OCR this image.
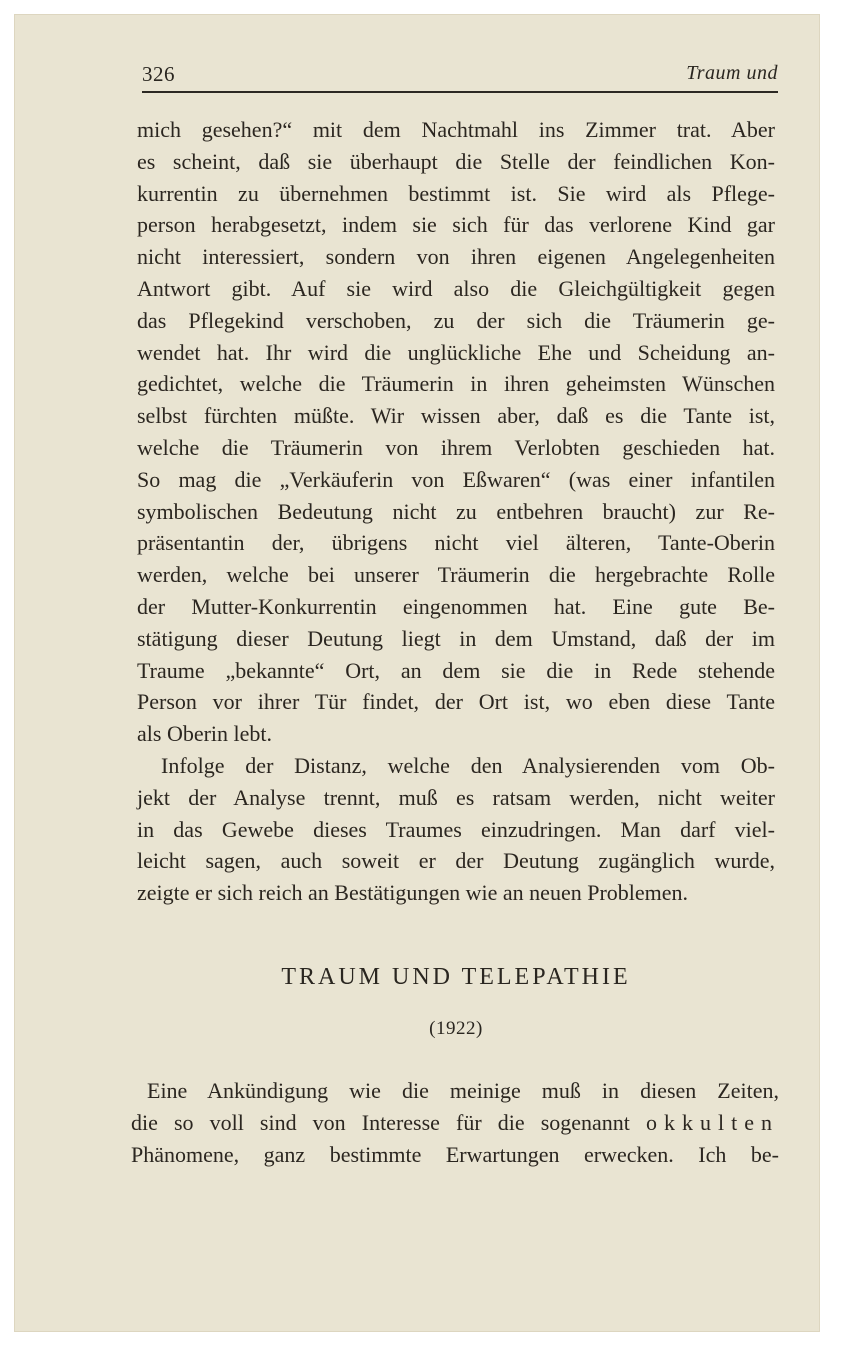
326	Traum und
mich gesehen?“ mit dem Nachtmahl ins Zimmer trat. Aber
es scheint, daß sie überhaupt die Stelle der feindlichen Kon-
kurrentin zu übernehmen bestimmt ist. Sie wird als Pflege-
person herabgesetzt, indem sie sich für das verlorene Kind gar
nicht interessiert, sondern von ihren eigenen Angelegenheiten
Antwort gibt. Auf sie wird also die Gleichgültigkeit gegen
das Pflegekind verschoben, zu der sich die Träumerin ge-
wendet hat. Ihr wird die unglückliche Ehe und Scheidung an-
gedichtet, welche die Träumerin in ihren geheimsten Wünschen
selbst fürchten müßte. Wir wissen aber, daß es die Tante ist,
welche die Träumerin von ihrem Verlobten geschieden hat.
So mag die „Verkäuferin von Eßwaren“ (was einer infantilen
symbolischen Bedeutung nicht zu entbehren braucht) zur Re-
präsentantin der, übrigens nicht viel älteren, Tante-Oberin
werden, welche bei unserer Träumerin die hergebrachte Rolle
der Mutter-Konkurrentin eingenommen hat. Eine gute Be-
stätigung dieser Deutung liegt in dem Umstand, daß der im
Traume „bekannte“ Ort, an dem sie die in Rede stehende
Person vor ihrer Tür findet, der Ort ist, wo eben diese Tante
als Oberin lebt.
Infolge der Distanz, welche den Analysierenden vom Ob-
jekt der Analyse trennt, muß es ratsam werden, nicht weiter
in das Gewebe dieses Traumes einzudringen. Man darf viel-
leicht sagen, auch soweit er der Deutung zugänglich wurde,
zeigte er sich reich an Bestätigungen wie an neuen Problemen.
TRAUM UND TELEPATHIE
(1922)
Eine Ankündigung wie die meinige muß in diesen Zeiten,
die so voll sind von Interesse für die sogenannt okkulten
Phänomene, ganz bestimmte Erwartungen erwecken. Ich be-
